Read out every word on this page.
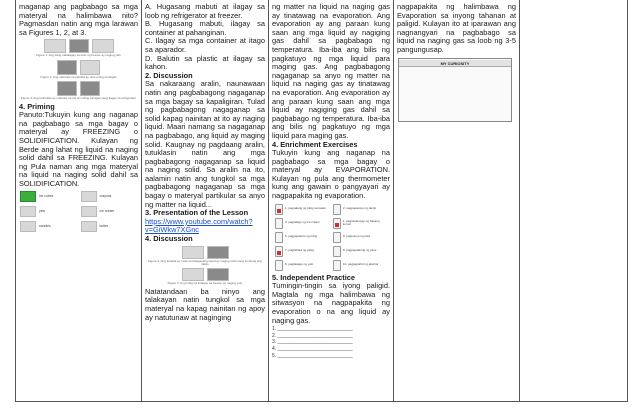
maganap ang pagbabago sa mga materyal na halimbawa nito? Pagmasdan natin ang mga larawan sa Figures 1, 2, at 3.
Figure 1. Ang tubig nakalagay sa loob ng freezer ay naging yelo
Figure 2. Ang natunaw na kandila ay unti-unting tumitigas
Figure 3. Ang tsokolate ay nalusaw sa init at muling tumigas nang ilagay sa refrigerator
4. Priming
Panuto:Tukuyin kung ang naganap na pagbabago sa mga bagay o materyal ay FREEZING o SOLIDIFICATION. Kulayan ng Berde ang lahat ng liquid na naging solid dahil sa FREEZING. Kulayan ng Pula naman ang mga materyal na liquid na naging solid dahil sa SOLIDIFICATION.
ice cubes	crayons
yelo	ice cream
candles	butter
A. Hugasang mabuti at ilagay sa loob ng refrigerator at freezer.
B. Hugasang mabuti, ilagay sa container at pahanginan.
C. Ilagay sa mga container at itago sa aparador.
D. Balutin sa plastic at ilagay sa kahon.
2. Discussion
Sa nakaraang aralin, naunawaan natin ang pagbabagong nagaganap sa mga bagay sa kapaligiran. Tulad ng pagbabagong nagaganap sa solid kapag nainitan at ito ay naging liquid. Maari namang sa nagaganap na pagbabago, ang liquid ay maging solid. Kaugnay ng pagdaang aralin, tutuklasin natin ang mga pagbabagong nagaganap sa liquid na naging solid. Sa aralin na ito, aalamin natin ang tungkol sa mga pagbabagong nagaganap sa mga bagay o materyal partikular sa anyo ng matter na liquid...
3. Presentation of the Lesson
https://www.youtube.com/watch?v=GiWkw7XGnc
4. Discussion
Figure 4. Ang kandila ay mula sa kalagayang liquid ay naging solid nang lumamig ang likido
Figure 5. Ang tubig na inilagay sa freezer ay naging yelo
Natatandaan ba ninyo ang talakayan natin tungkol sa mga materyal na kapag nainitan ng apoy ay natutunaw at naginging
ng matter na liquid na naging gas ay tinatawag na evaporation. Ang evaporation ay ang paraan kung saan ang mga liquid ay nagiging gas dahil sa pagbabago ng temperatura. Iba-iba ang bilis ng pagkatuyo ng mga liquid para maging gas. Ang pagbabagong nagaganap sa anyo ng matter na liquid na naging gas ay tinatawag na evaporation. Ang evaporation ay ang paraan kung saan ang mga liquid ay nagiging gas dahil sa pagbabago ng temperatura. Iba-iba ang bilis ng pagkatuyo ng mga liquid para maging gas.
4. Enrichment Exercises
Tukuyin kung ang naganap na pagbabago sa mga bagay o materyal ay EVAPORATION. Kulayan ng pula ang thermometer kung ang gawain o pangyayari ay nagpapakita ng evaporation.
1. pagsalang ng tubig sa kalan	2. pagpapatuyo ng damit
3. pagtatago ng ice cream	4. pagsasampay ng basang kumot
5. pagpapakulo ng tubig	6. pagtutuyo ng isda
7. pagbibilad ng palay	8. pagpapalamig ng juice
9. paglalagay ng yelo	10. pagpapahid ng alcohol
5. Independent Practice
Tumingin-tingin sa iyong paligid. Magtala ng mga halimbawa ng sitwasyon na nagpapakita ng evaporation o na ang liquid ay naging gas.
1. ___________________________
2. ___________________________
3. ___________________________
4. ___________________________
5. ___________________________
nagpapakita ng halimbawa ng Evaporation sa inyong tahanan at paligid. Kulayan ito at iparawan ang nagnangyari na pagbabago sa liquid na naging gas sa loob ng 3-5 pangungusap.
MY CURIOSITY
